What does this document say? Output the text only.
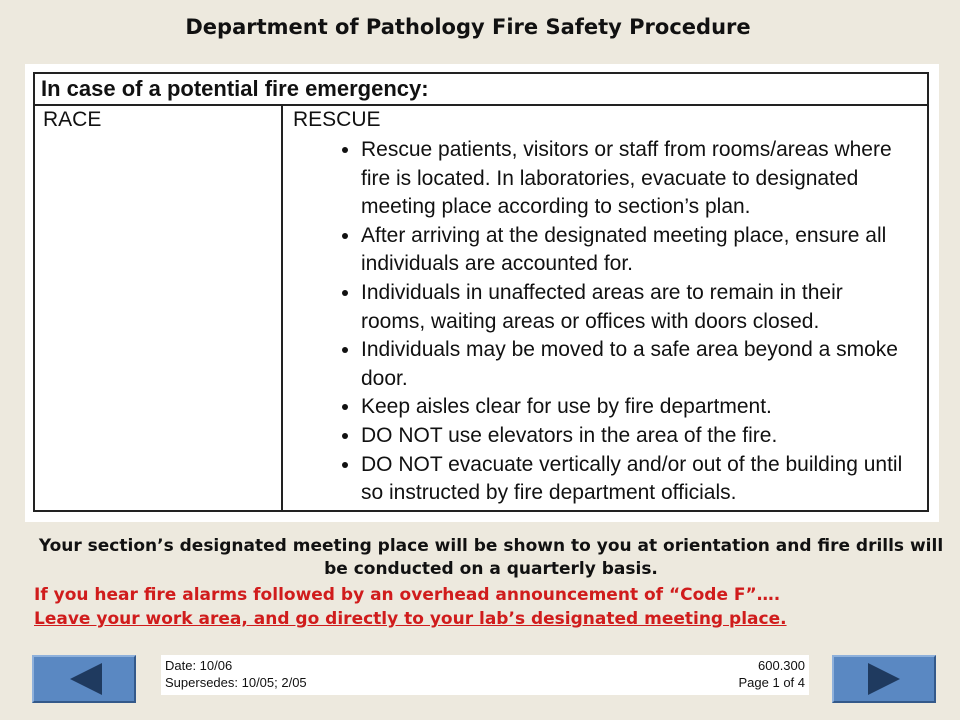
Department of Pathology Fire Safety Procedure
In case of a potential fire emergency:
RACE	RESCUE
• Rescue patients, visitors or staff from rooms/areas where fire is located. In laboratories, evacuate to designated meeting place according to section’s plan.
• After arriving at the designated meeting place, ensure all individuals are accounted for.
• Individuals in unaffected areas are to remain in their rooms, waiting areas or offices with doors closed.
• Individuals may be moved to a safe area beyond a smoke door.
• Keep aisles clear for use by fire department.
• DO NOT use elevators in the area of the fire.
• DO NOT evacuate vertically and/or out of the building until so instructed by fire department officials.
Your section’s designated meeting place will be shown to you at orientation and fire drills will be conducted on a quarterly basis.
If you hear fire alarms followed by an overhead announcement of “Code F”….
Leave your work area, and go directly to your lab’s designated meeting place.
Date: 10/06	600.300
Supersedes: 10/05; 2/05	Page 1 of 4
